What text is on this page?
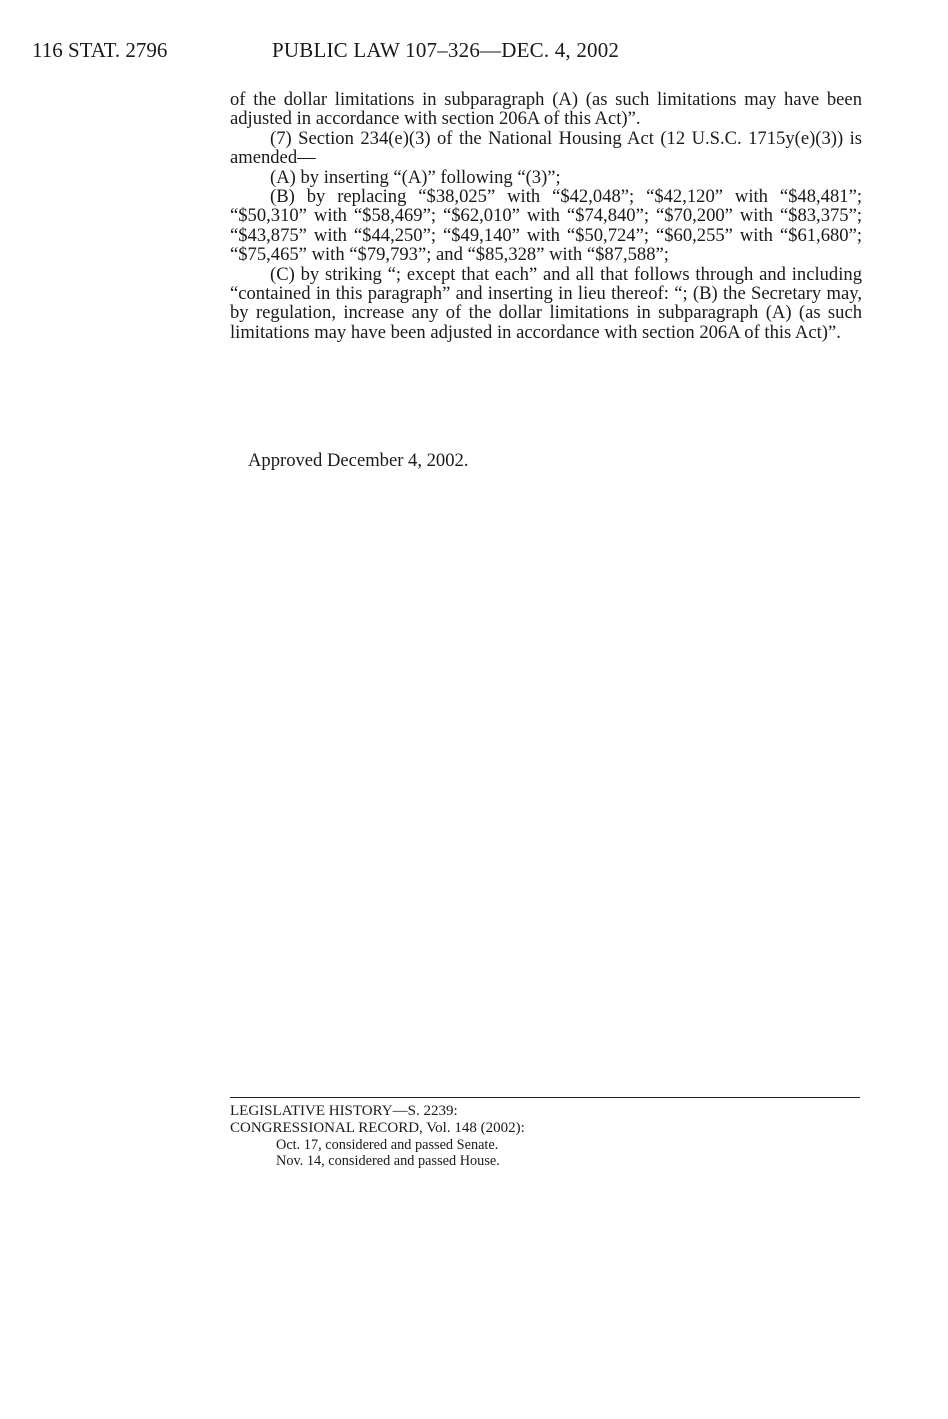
116 STAT. 2796	PUBLIC LAW 107–326—DEC. 4, 2002

of the dollar limitations in subparagraph (A) (as such limitations may have been adjusted in accordance with section 206A of this Act)”.

(7) Section 234(e)(3) of the National Housing Act (12 U.S.C. 1715y(e)(3)) is amended—

(A) by inserting “(A)” following “(3)”;

(B) by replacing “$38,025” with “$42,048”; “$42,120” with “$48,481”; “$50,310” with “$58,469”; “$62,010” with “$74,840”; “$70,200” with “$83,375”; “$43,875” with “$44,250”; “$49,140” with “$50,724”; “$60,255” with “$61,680”; “$75,465” with “$79,793”; and “$85,328” with “$87,588”;

(C) by striking “; except that each” and all that follows through and including “contained in this paragraph” and inserting in lieu thereof: “; (B) the Secretary may, by regulation, increase any of the dollar limitations in subparagraph (A) (as such limitations may have been adjusted in accordance with section 206A of this Act)”.

Approved December 4, 2002.

LEGISLATIVE HISTORY—S. 2239:

CONGRESSIONAL RECORD, Vol. 148 (2002):

Oct. 17, considered and passed Senate.

Nov. 14, considered and passed House.
